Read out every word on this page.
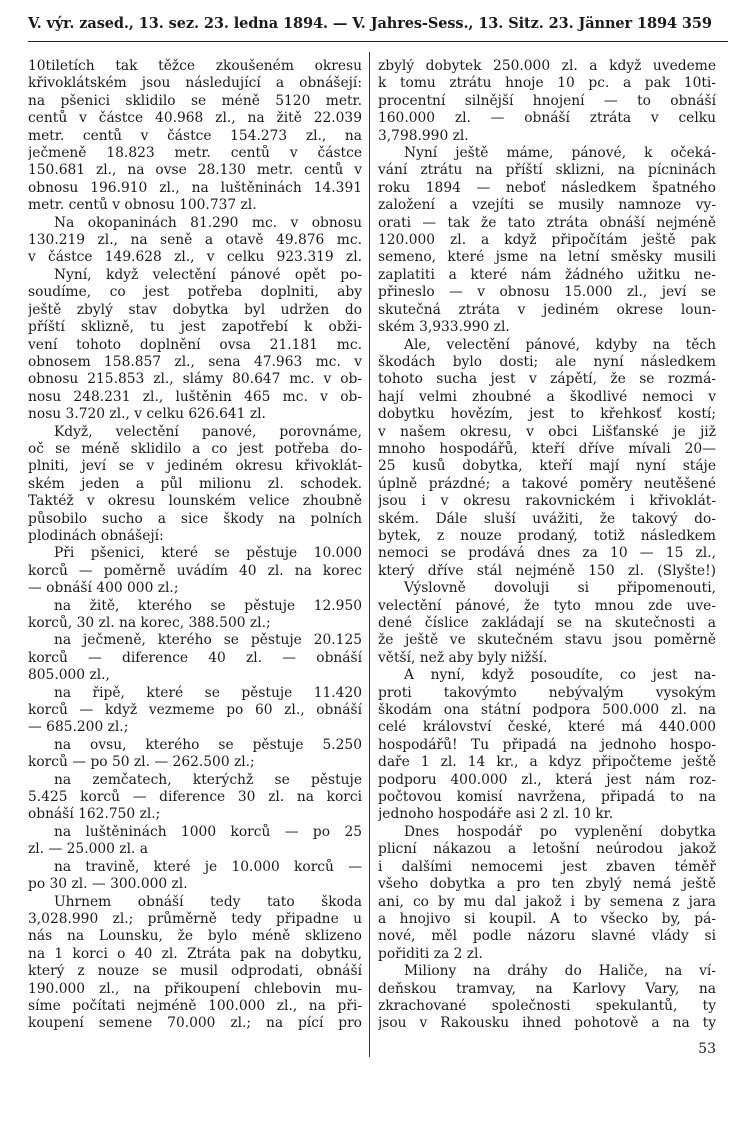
V. výr. zased., 13. sez. 23. ledna 1894. — V. Jahres-Sess., 13. Sitz. 23. Jänner 1894 359
10tiletích tak těžce zkoušeném okresu
křivoklátském jsou následující a obnášejí:
na pšenici sklidilo se méně 5120 metr.
centů v částce 40.968 zl., na žitě 22.039
metr. centů v částce 154.273 zl., na
ječmeně 18.823 metr. centů v částce
150.681 zl., na ovse 28.130 metr. centů v
obnosu 196.910 zl., na luštěninách 14.391
metr. centů v obnosu 100.737 zl.
Na okopaninách 81.290 mc. v obnosu
130.219 zl., na seně a otavě 49.876 mc.
v částce 149.628 zl., v celku 923.319 zl.
Nyní, když velectění pánové opět po-
soudíme, co jest potřeba doplniti, aby
ještě zbylý stav dobytka byl udržen do
příští sklizně, tu jest zapotřebí k obži-
vení tohoto doplnění ovsa 21.181 mc.
obnosem 158.857 zl., sena 47.963 mc. v
obnosu 215.853 zl., slámy 80.647 mc. v ob-
nosu 248.231 zl., luštěnin 465 mc. v ob-
nosu 3.720 zl., v celku 626.641 zl.
Když, velectění panové, porovnáme,
oč se méně sklidilo a co jest potřeba do-
plniti, jeví se v jediném okresu křivoklát-
ském jeden a půl milionu zl. schodek.
Taktéž v okresu lounském velice zhoubně
působilo sucho a sice škody na polních
plodinách obnášejí:
Při pšenici, které se pěstuje 10.000
korců — poměrně uvádím 40 zl. na korec
— obnáší 400 000 zl.;
na žitě, kterého se pěstuje 12.950
korců, 30 zl. na korec, 388.500 zl.;
na ječmeně, kterého se pěstuje 20.125
korců — diference 40 zl. — obnáší
805.000 zl.,
na řipě, které se pěstuje 11.420
korců — když vezmeme po 60 zl., obnáší
— 685.200 zl.;
na ovsu, kterého se pěstuje 5.250
korců — po 50 zl. — 262.500 zl.;
na zemčatech, kterýchž se pěstuje
5.425 korců — diference 30 zl. na korci
obnáší 162.750 zl.;
na luštěninách 1000 korců — po 25
zl. — 25.000 zl. a
na travině, které je 10.000 korců —
po 30 zl. — 300.000 zl.
Úhrnem obnáší tedy tato škoda
3,028.990 zl.; průměrně tedy připadne u
nás na Lounsku, že bylo méně sklizeno
na 1 korci o 40 zl. Ztráta pak na dobytku,
který z nouze se musil odprodati, obnáší
190.000 zl., na přikoupení chlebovin mu-
síme počítati nejméně 100.000 zl., na při-
koupení semene 70.000 zl.; na pící pro
zbylý dobytek 250.000 zl. a když uvedeme
k tomu ztrátu hnoje 10 pc. a pak 10ti-
procentní silnější hnojení — to obnáší
160.000 zl. — obnáší ztráta v celku
3,798.990 zl.
Nyní ještě máme, pánové, k očeká-
vání ztrátu na příští sklizni, na pícninách
roku 1894 — neboť následkem špatného
založení a vzejíti se musily namnoze vy-
orati — tak že tato ztráta obnáší nejméně
120.000 zl. a když připočítám ještě pak
semeno, které jsme na letní směsky musili
zaplatiti a které nám žádného užitku ne-
přineslo — v obnosu 15.000 zl., jeví se
skutečná ztráta v jediném okrese loun-
ském 3,933.990 zl.
Ale, velectění pánové, kdyby na těch
škodách bylo dosti; ale nyní následkem
tohoto sucha jest v zápětí, že se rozmá-
hají velmi zhoubné a škodlivé nemoci v
dobytku hovězím, jest to křehkosť kostí;
v našem okresu, v obci Lišťanské je již
mnoho hospodářů, kteří dříve mívali 20—
25 kusů dobytka, kteří mají nyní stáje
úplně prázdné; a takové poměry neutěšené
jsou i v okresu rakovnickém i křivoklát-
ském. Dále sluší uvážiti, že takový do-
bytek, z nouze prodaný, totiž následkem
nemoci se prodává dnes za 10 — 15 zl.,
který dříve stál nejméně 150 zl. (Slyšte!)
Výslovně dovoluji si připomenouti,
velectění pánové, že tyto mnou zde uve-
dené číslice zakládají se na skutečnosti a
že ještě ve skutečném stavu jsou poměrně
větší, než aby byly nižší.
A nyní, když posoudíte, co jest na-
proti takovýmto nebývalým vysokým
škodám ona státní podpora 500.000 zl. na
celé království české, které má 440.000
hospodářů! Tu připadá na jednoho hospo-
daře 1 zl. 14 kr., a kdyz připočteme ještě
podporu 400.000 zl., která jest nám roz-
počtovou komisí navržena, připadá to na
jednoho hospodáře asi 2 zl. 10 kr.
Dnes hospodář po vyplenění dobytka
plicní nákazou a letošní neúrodou jakož
i dalšími nemocemi jest zbaven téměř
všeho dobytka a pro ten zbylý nemá ještě
ani, co by mu dal jakož i by semena z jara
a hnojivo si koupil. A to všecko by, pá-
nové, měl podle názoru slavné vlády si
pořiditi za 2 zl.
Miliony na dráhy do Haliče, na ví-
deňskou tramvay, na Karlovy Vary, na
zkrachované společnosti spekulantů, ty
jsou v Rakousku ihned pohotově a na ty
53
